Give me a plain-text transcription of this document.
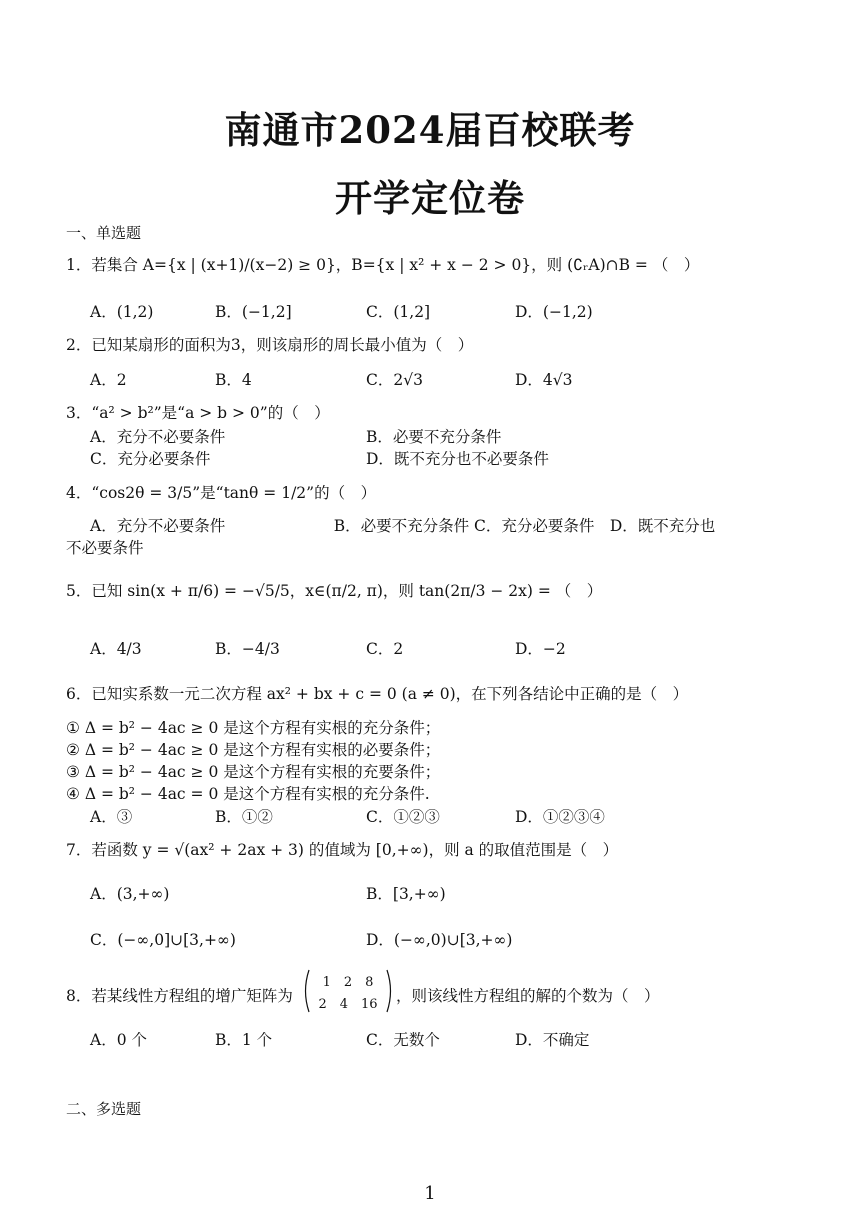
南通市2024届百校联考
开学定位卷
一、单选题
1．若集合 A={x | (x+1)/(x−2) ≥ 0}，B={x | x² + x − 2 > 0}，则 (∁ᵣA)∩B = （　）
A．(1,2)	B．(−1,2]	C．(1,2]	D．(−1,2)
2．已知某扇形的面积为3，则该扇形的周长最小值为（　）
A．2	B．4	C．2√3	D．4√3
3．“a² > b²”是“a > b > 0”的（　）
A．充分不必要条件	B．必要不充分条件
C．充分必要条件	D．既不充分也不必要条件
4．“cos2θ = 3/5”是“tanθ = 1/2”的（　）
A．充分不必要条件　　　　　　　B．必要不充分条件 C．充分必要条件　D．既不充分也
不必要条件
5．已知 sin(x + π/6) = −√5/5，x∈(π/2, π)，则 tan(2π/3 − 2x) = （　）
A．4/3	B．−4/3	C．2	D．−2
6．已知实系数一元二次方程 ax² + bx + c = 0 (a ≠ 0)，在下列各结论中正确的是（　）
① Δ = b² − 4ac ≥ 0 是这个方程有实根的充分条件；
② Δ = b² − 4ac ≥ 0 是这个方程有实根的必要条件；
③ Δ = b² − 4ac ≥ 0 是这个方程有实根的充要条件；
④ Δ = b² − 4ac = 0 是这个方程有实根的充分条件.
A．③	B．①②	C．①②③	D．①②③④
7．若函数 y = √(ax² + 2ax + 3) 的值域为 [0,+∞)，则 a 的取值范围是（　）
A．(3,+∞)	B．[3,+∞)
C．(−∞,0]∪[3,+∞)	D．(−∞,0)∪[3,+∞)
8．若某线性方程组的增广矩阵为
1　2　8
2　4　16	，则该线性方程组的解的个数为（　）
A．0 个	B．1 个	C．无数个	D．不确定
二、多选题
1
